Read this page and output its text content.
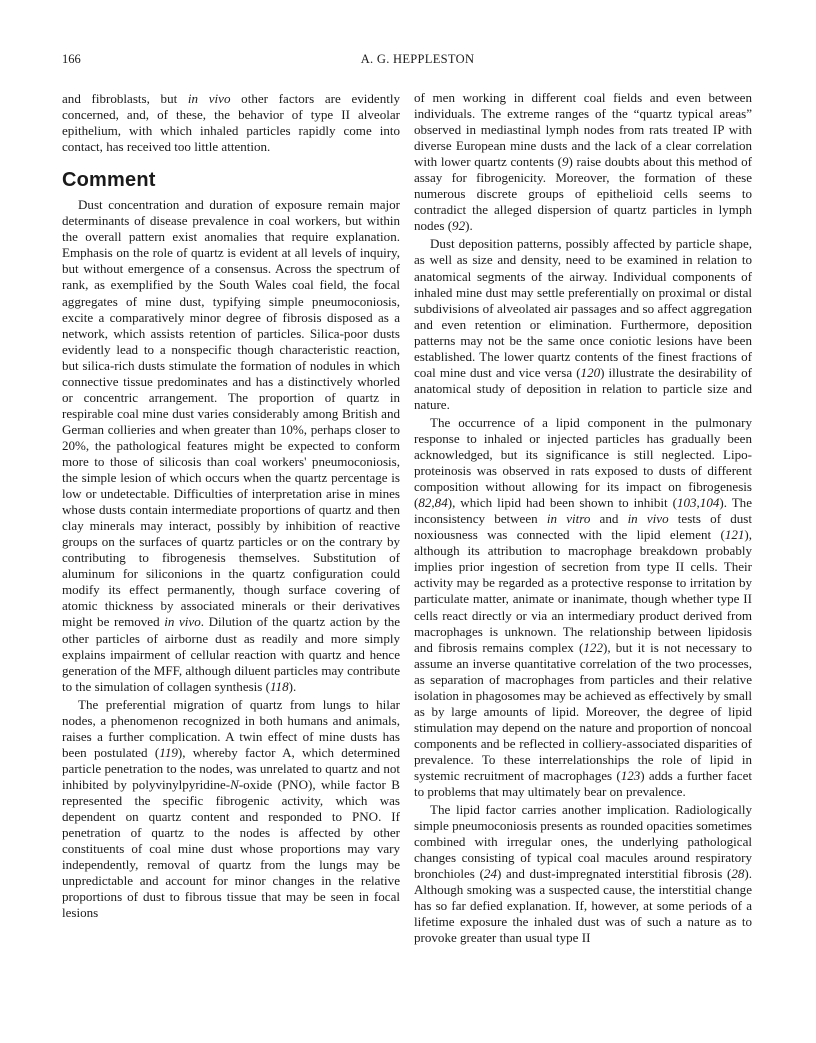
166	A. G. HEPPLESTON

and fibroblasts, but in vivo other factors are evidently concerned, and, of these, the behavior of type II alveolar epithelium, with which inhaled particles rapidly come into contact, has received too little attention.

Comment

Dust concentration and duration of exposure remain major determinants of disease prevalence in coal workers, but within the overall pattern exist anomalies that require explanation. Emphasis on the role of quartz is evident at all levels of inquiry, but without emergence of a consensus. Across the spectrum of rank, as exemplified by the South Wales coal field, the focal aggregates of mine dust, typifying simple pneumoconiosis, excite a comparatively minor degree of fibrosis disposed as a network, which assists retention of particles. Silica-poor dusts evidently lead to a nonspecific though characteristic reaction, but silica-rich dusts stimulate the formation of nodules in which connective tissue predominates and has a distinctively whorled or concentric arrangement. The proportion of quartz in respirable coal mine dust varies considerably among British and German collieries and when greater than 10%, perhaps closer to 20%, the pathological features might be expected to conform more to those of silicosis than coal workers' pneumoconiosis, the simple lesion of which occurs when the quartz percentage is low or undetectable. Difficulties of interpretation arise in mines whose dusts contain intermediate proportions of quartz and then clay minerals may interact, possibly by inhibition of reactive groups on the surfaces of quartz particles or on the contrary by contributing to fibrogenesis themselves. Substitution of aluminum for siliconions in the quartz configuration could modify its effect permanently, though surface covering of atomic thickness by associated minerals or their derivatives might be removed in vivo. Dilution of the quartz action by the other particles of airborne dust as readily and more simply explains impairment of cellular reaction with quartz and hence generation of the MFF, although diluent particles may contribute to the simulation of collagen synthesis (118).

The preferential migration of quartz from lungs to hilar nodes, a phenomenon recognized in both humans and animals, raises a further complication. A twin effect of mine dusts has been postulated (119), whereby factor A, which determined particle penetration to the nodes, was unrelated to quartz and not inhibited by polyvinylpyridine-N-oxide (PNO), while factor B represented the specific fibrogenic activity, which was dependent on quartz content and responded to PNO. If penetration of quartz to the nodes is affected by other constituents of coal mine dust whose proportions may vary independently, removal of quartz from the lungs may be unpredictable and account for minor changes in the relative proportions of dust to fibrous tissue that may be seen in focal lesions

of men working in different coal fields and even between individuals. The extreme ranges of the “quartz typical areas” observed in mediastinal lymph nodes from rats treated IP with diverse European mine dusts and the lack of a clear correlation with lower quartz contents (9) raise doubts about this method of assay for fibrogenicity. Moreover, the formation of these numerous discrete groups of epithelioid cells seems to contradict the alleged dispersion of quartz particles in lymph nodes (92).

Dust deposition patterns, possibly affected by particle shape, as well as size and density, need to be examined in relation to anatomical segments of the airway. Individual components of inhaled mine dust may settle preferentially on proximal or distal subdivisions of alveolated air passages and so affect aggregation and even retention or elimination. Furthermore, deposition patterns may not be the same once coniotic lesions have been established. The lower quartz contents of the finest fractions of coal mine dust and vice versa (120) illustrate the desirability of anatomical study of deposition in relation to particle size and nature.

The occurrence of a lipid component in the pulmonary response to inhaled or injected particles has gradually been acknowledged, but its significance is still neglected. Lipo-proteinosis was observed in rats exposed to dusts of different composition without allowing for its impact on fibrogenesis (82,84), which lipid had been shown to inhibit (103,104). The inconsistency between in vitro and in vivo tests of dust noxiousness was connected with the lipid element (121), although its attribution to macrophage breakdown probably implies prior ingestion of secretion from type II cells. Their activity may be regarded as a protective response to irritation by particulate matter, animate or inanimate, though whether type II cells react directly or via an intermediary product derived from macrophages is unknown. The relationship between lipidosis and fibrosis remains complex (122), but it is not necessary to assume an inverse quantitative correlation of the two processes, as separation of macrophages from particles and their relative isolation in phagosomes may be achieved as effectively by small as by large amounts of lipid. Moreover, the degree of lipid stimulation may depend on the nature and proportion of noncoal components and be reflected in colliery-associated disparities of prevalence. To these interrelationships the role of lipid in systemic recruitment of macrophages (123) adds a further facet to problems that may ultimately bear on prevalence.

The lipid factor carries another implication. Radiologically simple pneumoconiosis presents as rounded opacities sometimes combined with irregular ones, the underlying pathological changes consisting of typical coal macules around respiratory bronchioles (24) and dust-impregnated interstitial fibrosis (28). Although smoking was a suspected cause, the interstitial change has so far defied explanation. If, however, at some periods of a lifetime exposure the inhaled dust was of such a nature as to provoke greater than usual type II
